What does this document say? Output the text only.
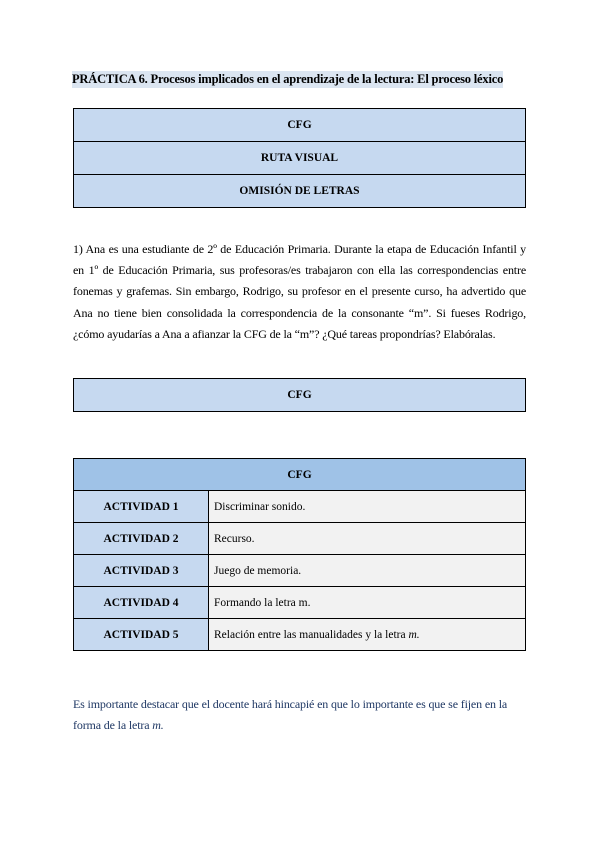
PRÁCTICA 6. Procesos implicados en el aprendizaje de la lectura: El proceso léxico
CFG
RUTA VISUAL
OMISIÓN DE LETRAS
1) Ana es una estudiante de 2º de Educación Primaria. Durante la etapa de Educación Infantil y en 1º de Educación Primaria, sus profesoras/es trabajaron con ella las correspondencias entre fonemas y grafemas. Sin embargo, Rodrigo, su profesor en el presente curso, ha advertido que Ana no tiene bien consolidada la correspondencia de la consonante “m”. Si fueses Rodrigo, ¿cómo ayudarías a Ana a afianzar la CFG de la “m”? ¿Qué tareas propondrías? Elabóralas.
CFG
CFG	
ACTIVIDAD 1	Discriminar sonido.
ACTIVIDAD 2	Recurso.
ACTIVIDAD 3	Juego de memoria.
ACTIVIDAD 4	Formando la letra m.
ACTIVIDAD 5	Relación entre las manualidades y la letra m.
Es importante destacar que el docente hará hincapié en que lo importante es que se fijen en la forma de la letra m.
